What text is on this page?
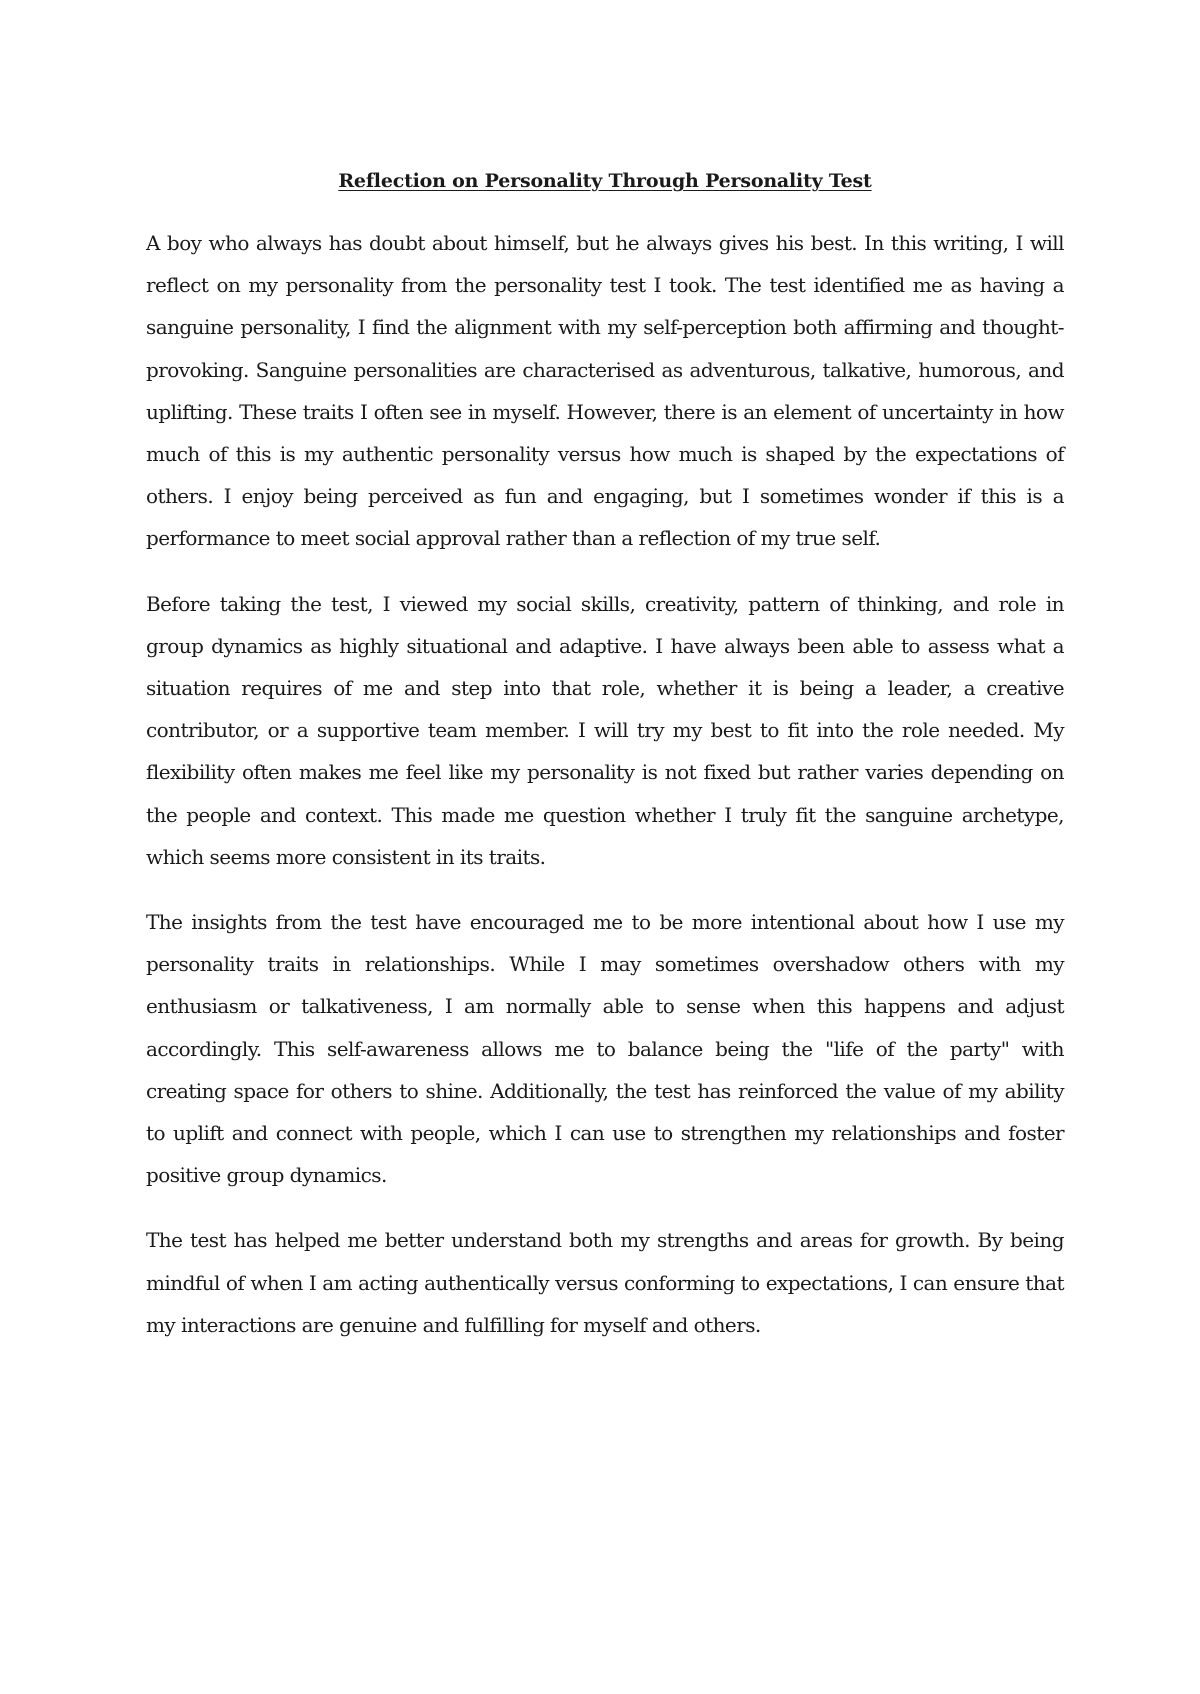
Reflection on Personality Through Personality Test

A boy who always has doubt about himself, but he always gives his best. In this writing, I will reflect on my personality from the personality test I took. The test identified me as having a sanguine personality, I find the alignment with my self-perception both affirming and thought-provoking. Sanguine personalities are characterised as adventurous, talkative, humorous, and uplifting. These traits I often see in myself. However, there is an element of uncertainty in how much of this is my authentic personality versus how much is shaped by the expectations of others. I enjoy being perceived as fun and engaging, but I sometimes wonder if this is a performance to meet social approval rather than a reflection of my true self.

Before taking the test, I viewed my social skills, creativity, pattern of thinking, and role in group dynamics as highly situational and adaptive. I have always been able to assess what a situation requires of me and step into that role, whether it is being a leader, a creative contributor, or a supportive team member. I will try my best to fit into the role needed. My flexibility often makes me feel like my personality is not fixed but rather varies depending on the people and context. This made me question whether I truly fit the sanguine archetype, which seems more consistent in its traits.

The insights from the test have encouraged me to be more intentional about how I use my personality traits in relationships. While I may sometimes overshadow others with my enthusiasm or talkativeness, I am normally able to sense when this happens and adjust accordingly. This self-awareness allows me to balance being the "life of the party" with creating space for others to shine. Additionally, the test has reinforced the value of my ability to uplift and connect with people, which I can use to strengthen my relationships and foster positive group dynamics.

The test has helped me better understand both my strengths and areas for growth. By being mindful of when I am acting authentically versus conforming to expectations, I can ensure that my interactions are genuine and fulfilling for myself and others.
